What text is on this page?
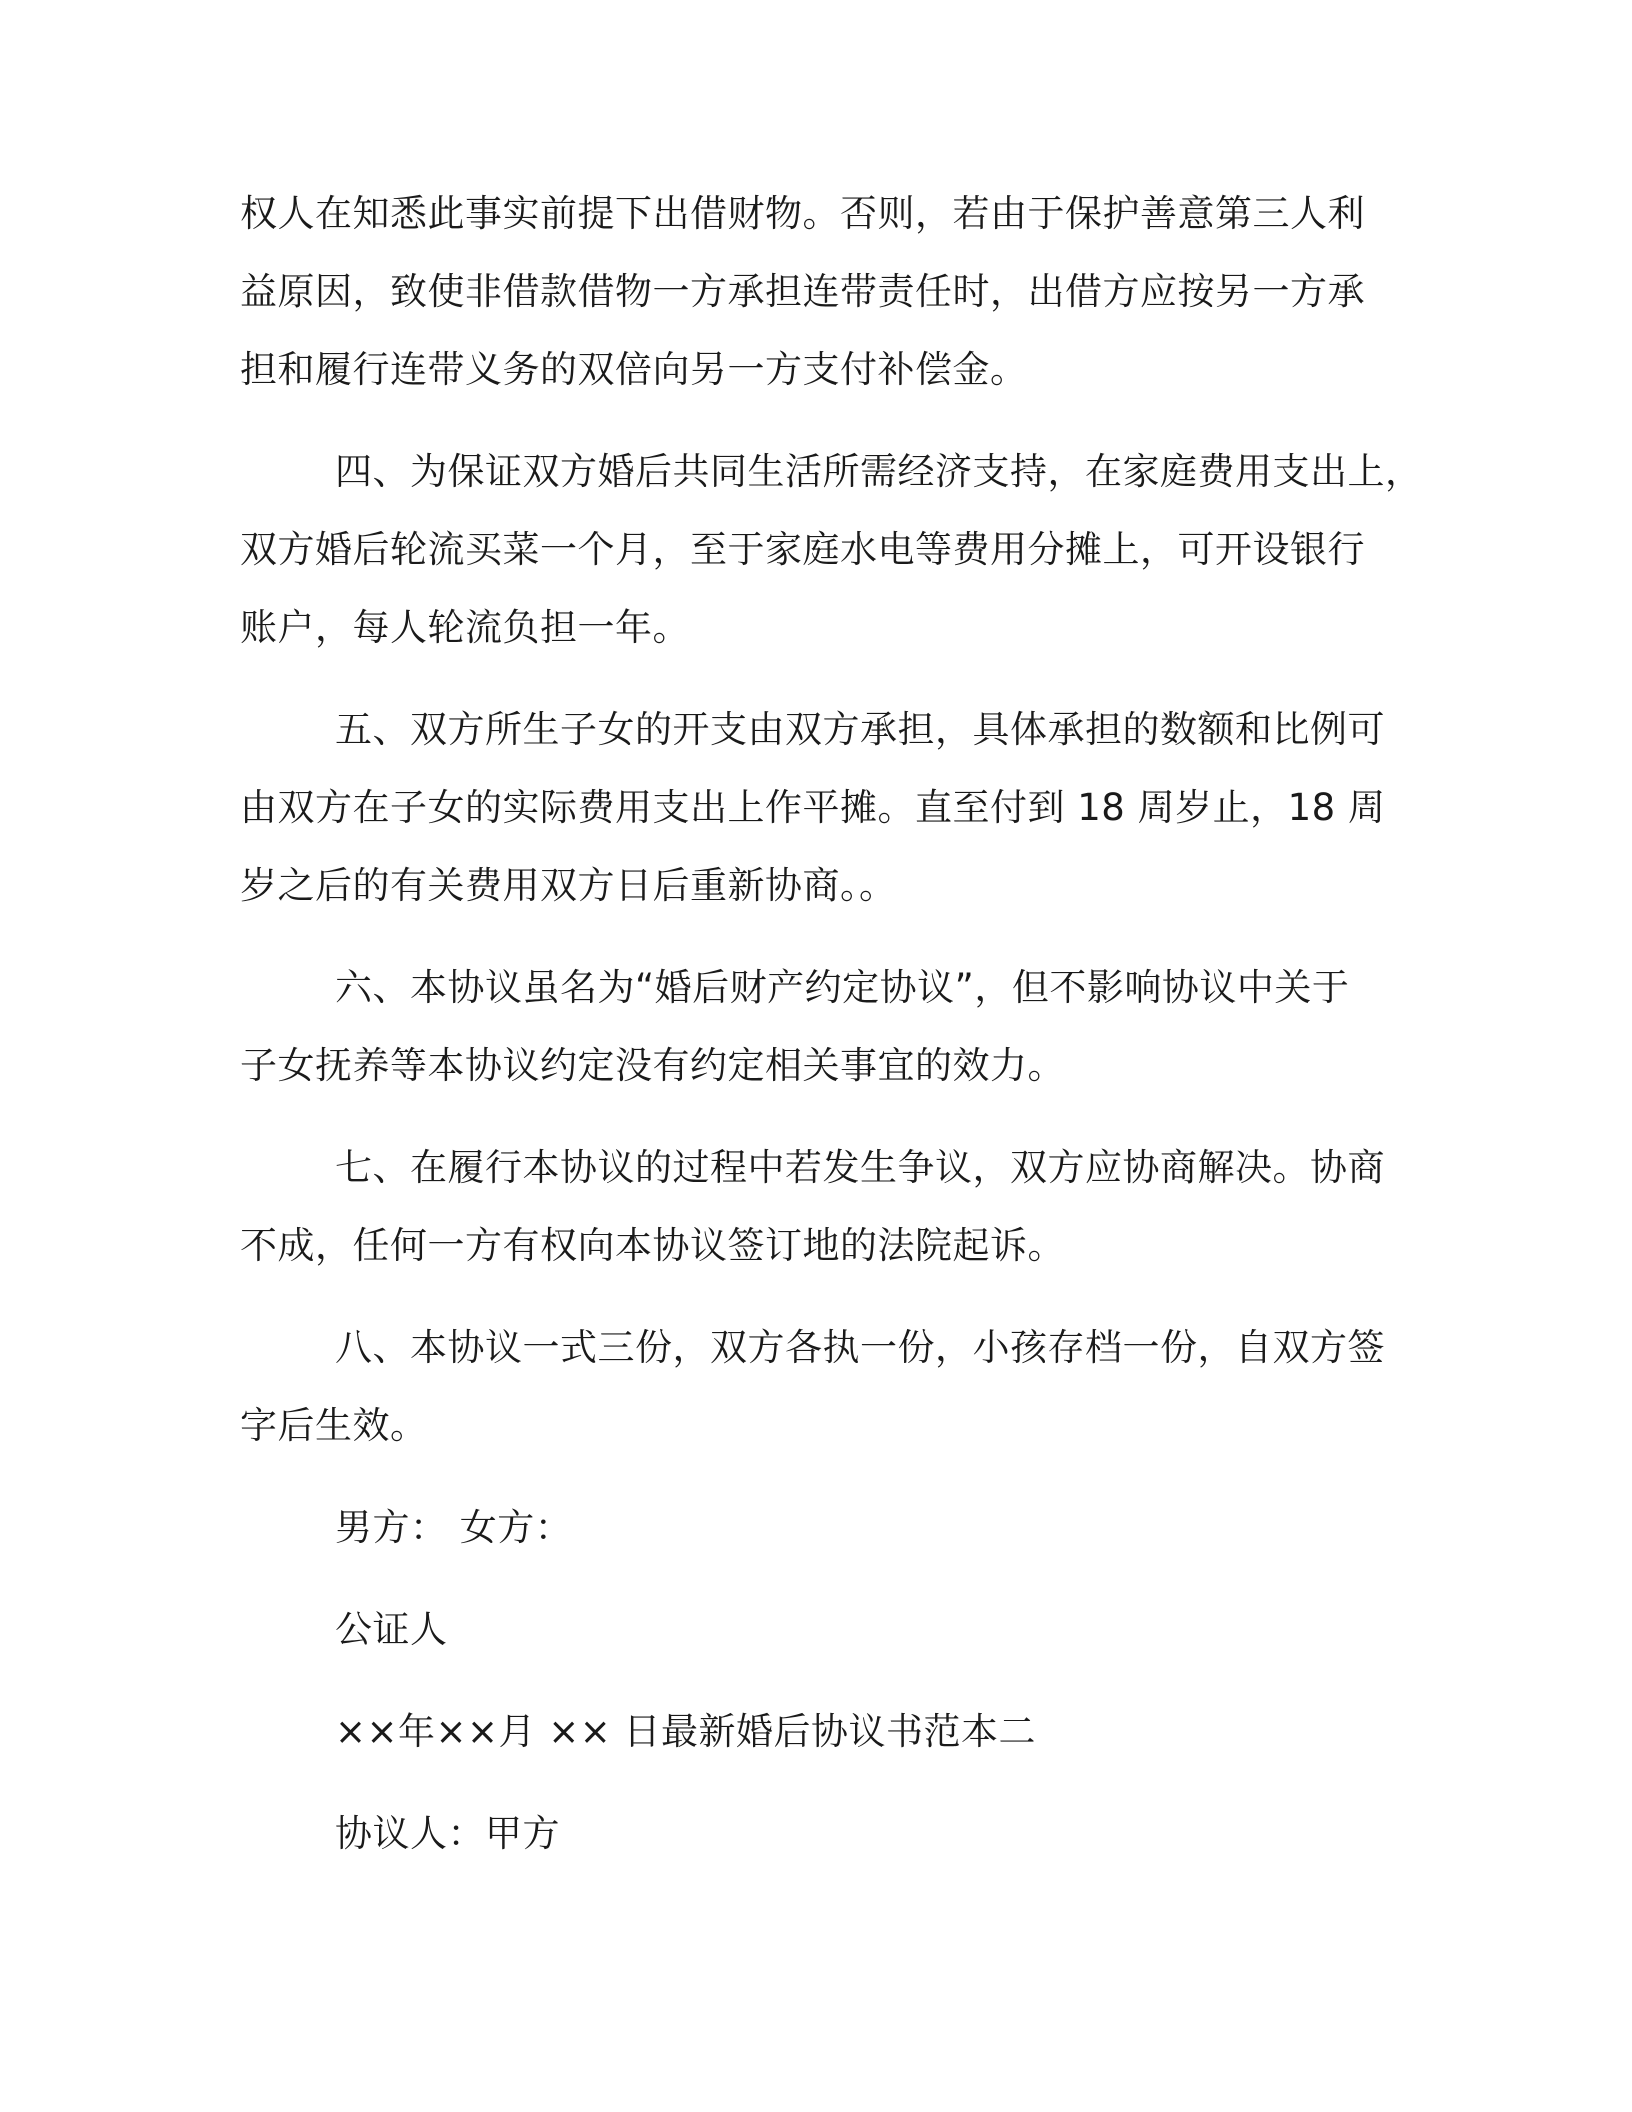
权人在知悉此事实前提下出借财物。否则，若由于保护善意第三人利
益原因，致使非借款借物一方承担连带责任时，出借方应按另一方承
担和履行连带义务的双倍向另一方支付补偿金。
四、为保证双方婚后共同生活所需经济支持，在家庭费用支出上，
双方婚后轮流买菜一个月，至于家庭水电等费用分摊上，可开设银行
账户，每人轮流负担一年。
五、双方所生子女的开支由双方承担，具体承担的数额和比例可
由双方在子女的实际费用支出上作平摊。直至付到 18 周岁止，18 周
岁之后的有关费用双方日后重新协商。。
六、本协议虽名为“婚后财产约定协议”，但不影响协议中关于
子女抚养等本协议约定没有约定相关事宜的效力。
七、在履行本协议的过程中若发生争议，双方应协商解决。协商
不成，任何一方有权向本协议签订地的法院起诉。
八、本协议一式三份，双方各执一份，小孩存档一份，自双方签
字后生效。
男方： 女方：
公证人
××年××月 ×× 日最新婚后协议书范本二
协议人：甲方
